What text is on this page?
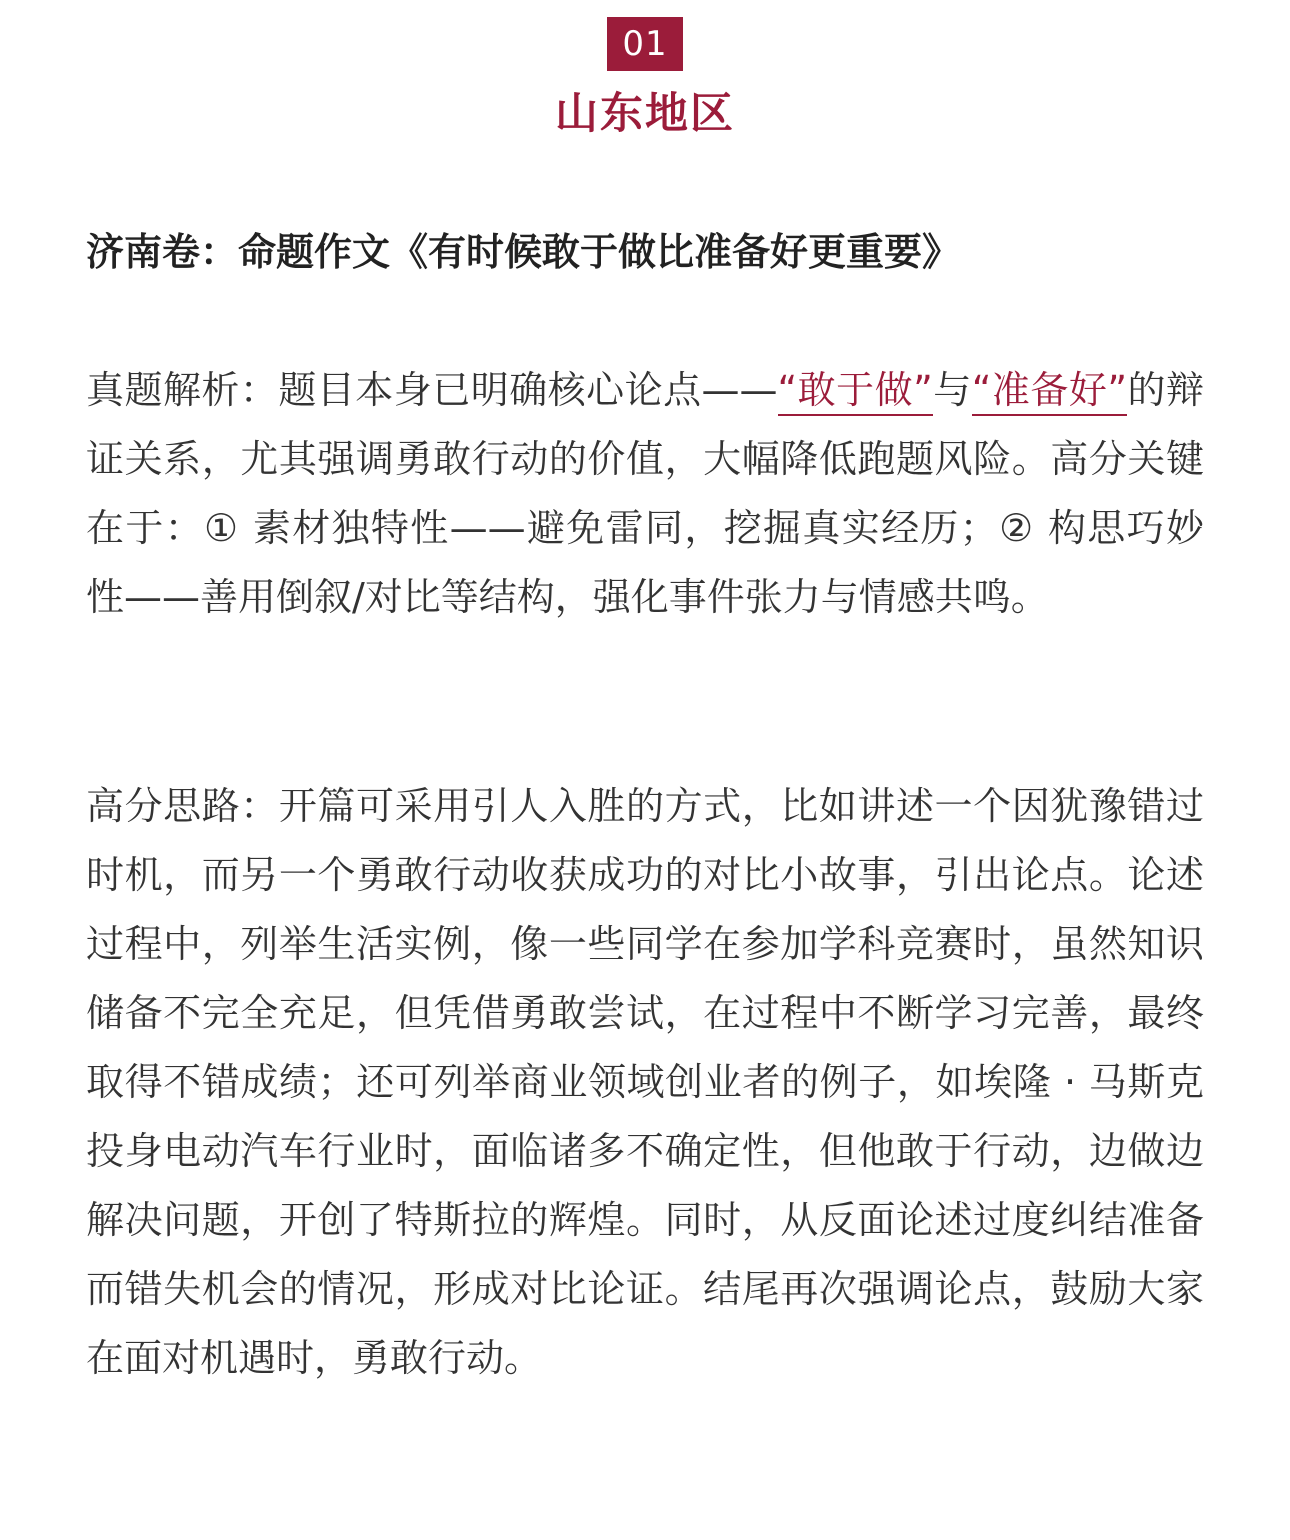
01
山东地区
济南卷：命题作文《有时候敢于做比准备好更重要》
真题解析：题目本身已明确核心论点——“敢于做”与“准备好”的辩证关系，尤其强调勇敢行动的价值，大幅降低跑题风险。高分关键在于：① 素材独特性——避免雷同，挖掘真实经历；② 构思巧妙性——善用倒叙/对比等结构，强化事件张力与情感共鸣。
高分思路：开篇可采用引人入胜的方式，比如讲述一个因犹豫错过时机，而另一个勇敢行动收获成功的对比小故事，引出论点。论述过程中，列举生活实例，像一些同学在参加学科竞赛时，虽然知识储备不完全充足，但凭借勇敢尝试，在过程中不断学习完善，最终取得不错成绩；还可列举商业领域创业者的例子，如埃隆 · 马斯克投身电动汽车行业时，面临诸多不确定性，但他敢于行动，边做边解决问题，开创了特斯拉的辉煌。同时，从反面论述过度纠结准备而错失机会的情况，形成对比论证。结尾再次强调论点，鼓励大家在面对机遇时，勇敢行动。
